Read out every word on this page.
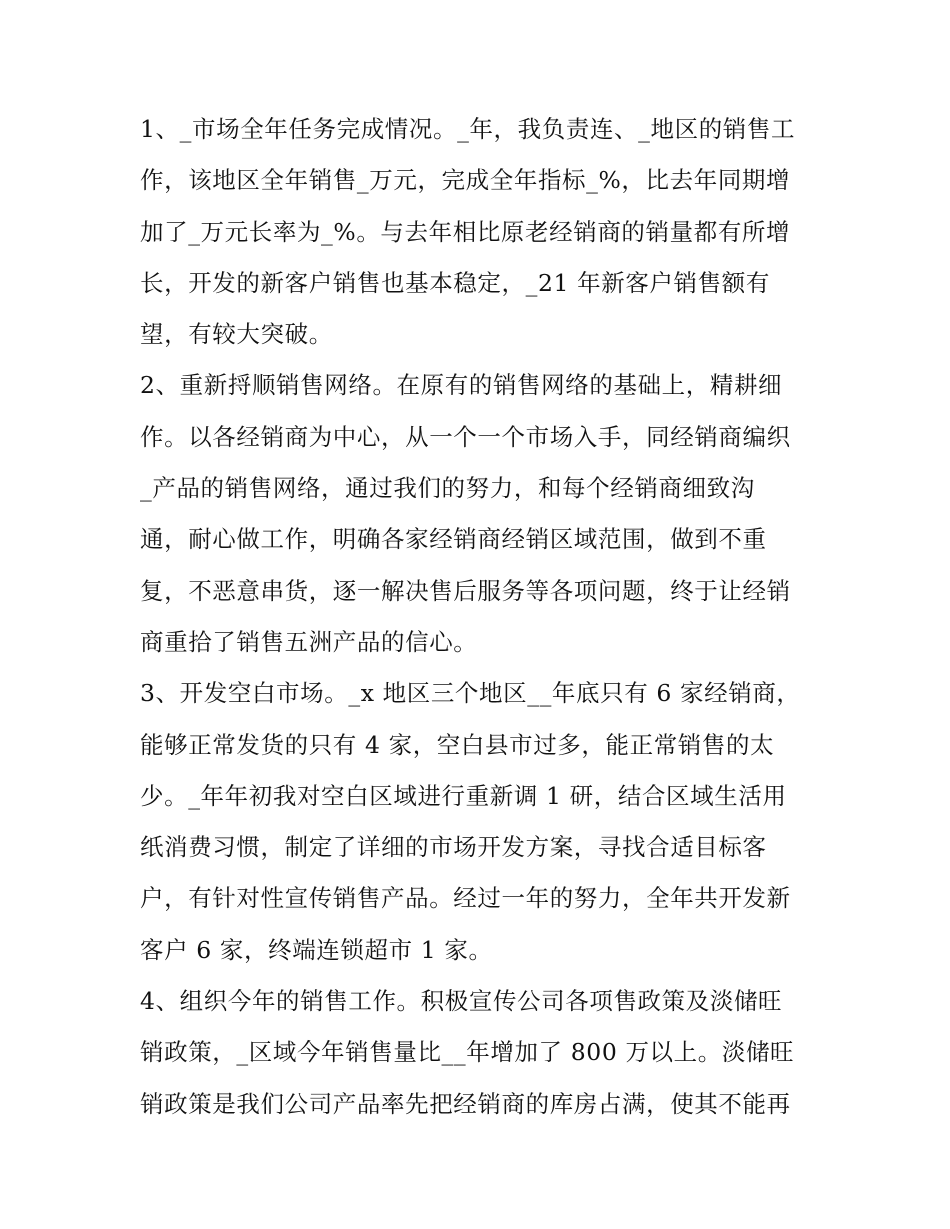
1、_市场全年任务完成情况。_年，我负责连、_地区的销售工
作，该地区全年销售_万元，完成全年指标_%，比去年同期增
加了_万元长率为_%。与去年相比原老经销商的销量都有所增
长，开发的新客户销售也基本稳定，_21 年新客户销售额有
望，有较大突破。
2、重新捋顺销售网络。在原有的销售网络的基础上，精耕细
作。以各经销商为中心，从一个一个市场入手，同经销商编织
_产品的销售网络，通过我们的努力，和每个经销商细致沟
通，耐心做工作，明确各家经销商经销区域范围，做到不重
复，不恶意串货，逐一解决售后服务等各项问题，终于让经销
商重拾了销售五洲产品的信心。
3、开发空白市场。_x 地区三个地区__年底只有 6 家经销商，
能够正常发货的只有 4 家，空白县市过多，能正常销售的太
少。_年年初我对空白区域进行重新调 1 研，结合区域生活用
纸消费习惯，制定了详细的市场开发方案，寻找合适目标客
户，有针对性宣传销售产品。经过一年的努力，全年共开发新
客户 6 家，终端连锁超市 1 家。
4、组织今年的销售工作。积极宣传公司各项售政策及淡储旺
销政策，_区域今年销售量比__年增加了 800 万以上。淡储旺
销政策是我们公司产品率先把经销商的库房占满，使其不能再
